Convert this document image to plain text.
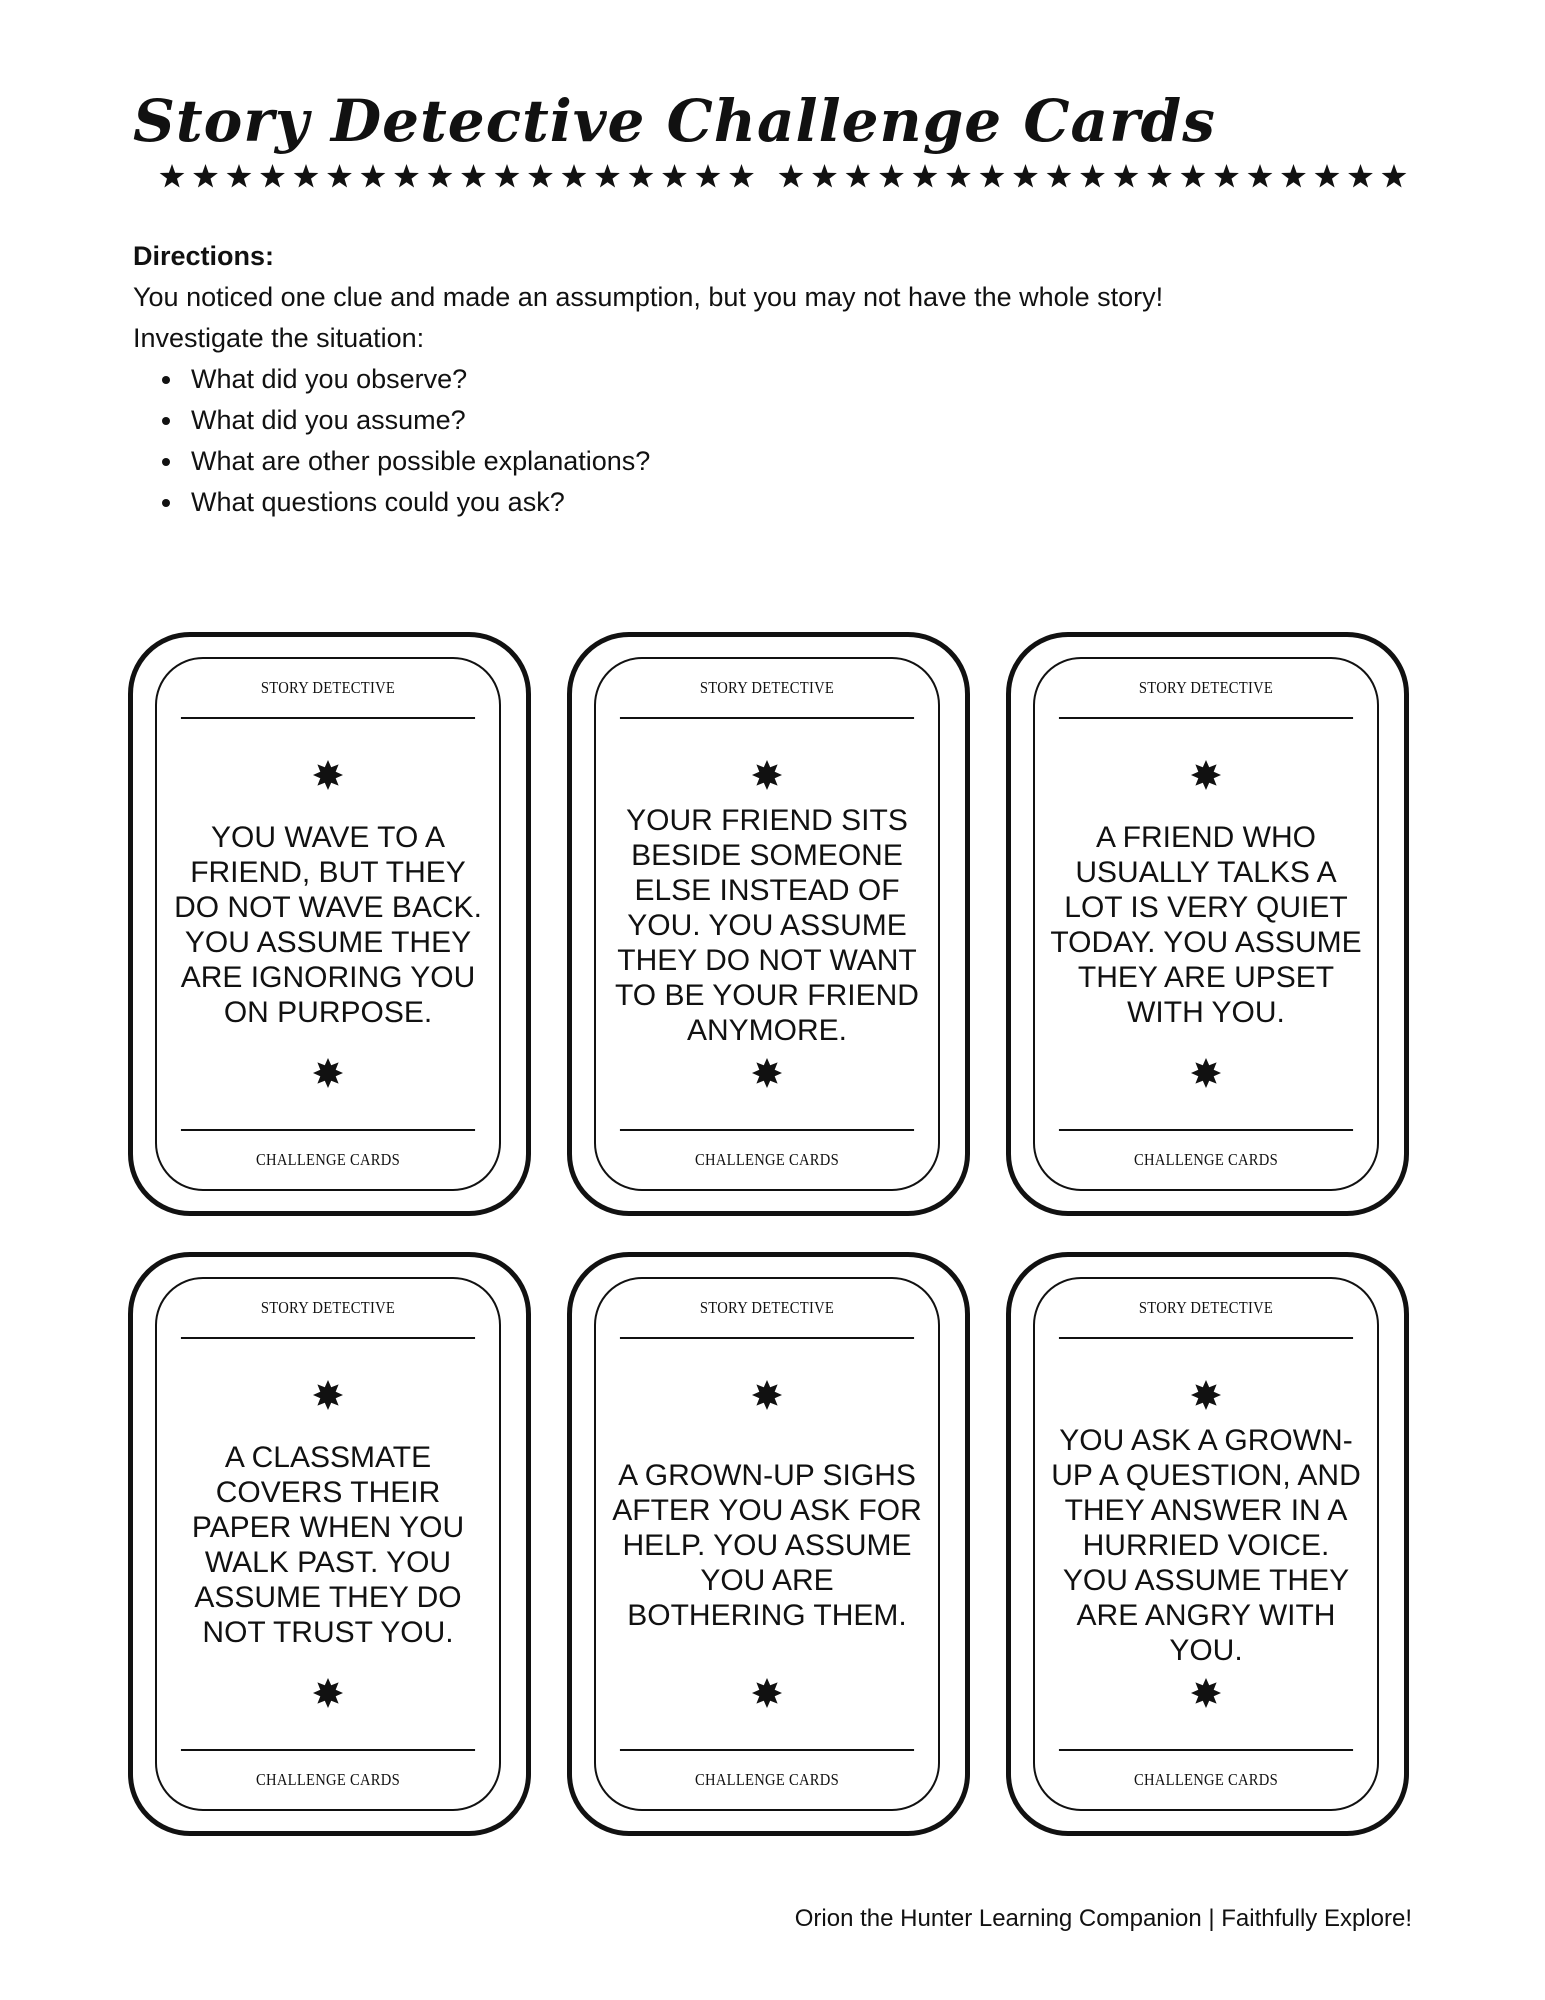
Story Detective Challenge Cards

Directions:

You noticed one clue and made an assumption, but you may not have the whole story!

Investigate the situation:

• What did you observe?
• What did you assume?
• What are other possible explanations?
• What questions could you ask?
STORY DETECTIVE
YOU WAVE TO A FRIEND, BUT THEY DO NOT WAVE BACK. YOU ASSUME THEY ARE IGNORING YOU ON PURPOSE.
CHALLENGE CARDS
STORY DETECTIVE
YOUR FRIEND SITS BESIDE SOMEONE ELSE INSTEAD OF YOU. YOU ASSUME THEY DO NOT WANT TO BE YOUR FRIEND ANYMORE.
CHALLENGE CARDS
STORY DETECTIVE
A FRIEND WHO USUALLY TALKS A LOT IS VERY QUIET TODAY. YOU ASSUME THEY ARE UPSET WITH YOU.
CHALLENGE CARDS
STORY DETECTIVE
A CLASSMATE COVERS THEIR PAPER WHEN YOU WALK PAST. YOU ASSUME THEY DO NOT TRUST YOU.
CHALLENGE CARDS
STORY DETECTIVE
A GROWN-UP SIGHS AFTER YOU ASK FOR HELP. YOU ASSUME YOU ARE BOTHERING THEM.
CHALLENGE CARDS
STORY DETECTIVE
YOU ASK A GROWN-UP A QUESTION, AND THEY ANSWER IN A HURRIED VOICE. YOU ASSUME THEY ARE ANGRY WITH YOU.
CHALLENGE CARDS

Orion the Hunter Learning Companion | Faithfully Explore!
